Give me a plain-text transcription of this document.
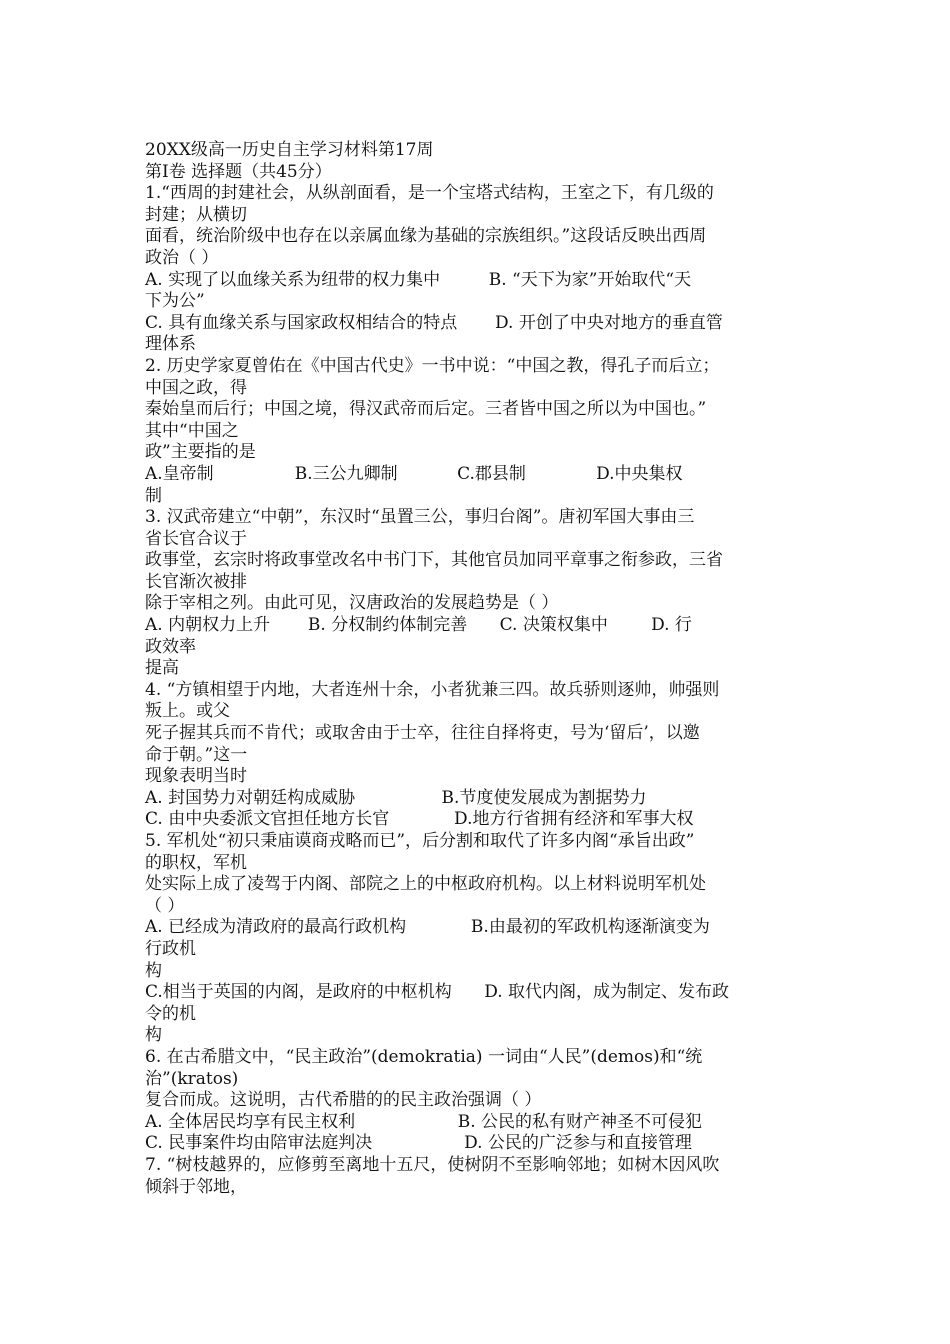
20XX级高一历史自主学习材料第17周
第Ⅰ卷 选择题（共45分）
1.“西周的封建社会，从纵剖面看，是一个宝塔式结构，王室之下，有几级的
封建；从横切
面看，统治阶级中也存在以亲属血缘为基础的宗族组织。”这段话反映出西周
政治（ ）
A. 实现了以血缘关系为纽带的权力集中         B. “天下为家”开始取代“天
下为公”
C. 具有血缘关系与国家政权相结合的特点       D. 开创了中央对地方的垂直管
理体系
2. 历史学家夏曾佑在《中国古代史》一书中说：“中国之教，得孔子而后立；
中国之政，得
秦始皇而后行；中国之境，得汉武帝而后定。三者皆中国之所以为中国也。”
其中“中国之
政”主要指的是
A.皇帝制               B.三公九卿制           C.郡县制             D.中央集权
制
3. 汉武帝建立“中朝”，东汉时“虽置三公，事归台阁”。唐初军国大事由三
省长官合议于
政事堂，玄宗时将政事堂改名中书门下，其他官员加同平章事之衔参政，三省
长官渐次被排
除于宰相之列。由此可见，汉唐政治的发展趋势是（ ）
A. 内朝权力上升       B. 分权制约体制完善      C. 决策权集中        D. 行
政效率
提高
4. “方镇相望于内地，大者连州十余，小者犹兼三四。故兵骄则逐帅，帅强则
叛上。或父
死子握其兵而不肯代；或取舍由于士卒，往往自择将吏，号为‘留后’，以邀
命于朝。”这一
现象表明当时
A. 封国势力对朝廷构成威胁                B.节度使发展成为割据势力
C. 由中央委派文官担任地方长官            D.地方行省拥有经济和军事大权
5. 军机处“初只秉庙谟商戎略而已”，后分割和取代了许多内阁“承旨出政”
的职权，军机
处实际上成了凌驾于内阁、部院之上的中枢政府机构。以上材料说明军机处
（ ）
A. 已经成为清政府的最高行政机构            B.由最初的军政机构逐渐演变为
行政机
构
C.相当于英国的内阁，是政府的中枢机构      D. 取代内阁，成为制定、发布政
令的机
构
6. 在古希腊文中，“民主政治”(demokratia) 一词由“人民”(demos)和“统
治”(kratos)
复合而成。这说明，古代希腊的的民主政治强调（ ）
A. 全体居民均享有民主权利                   B. 公民的私有财产神圣不可侵犯
C. 民事案件均由陪审法庭判决                 D. 公民的广泛参与和直接管理
7. “树枝越界的，应修剪至离地十五尺，使树阴不至影响邻地；如树木因风吹
倾斜于邻地，
